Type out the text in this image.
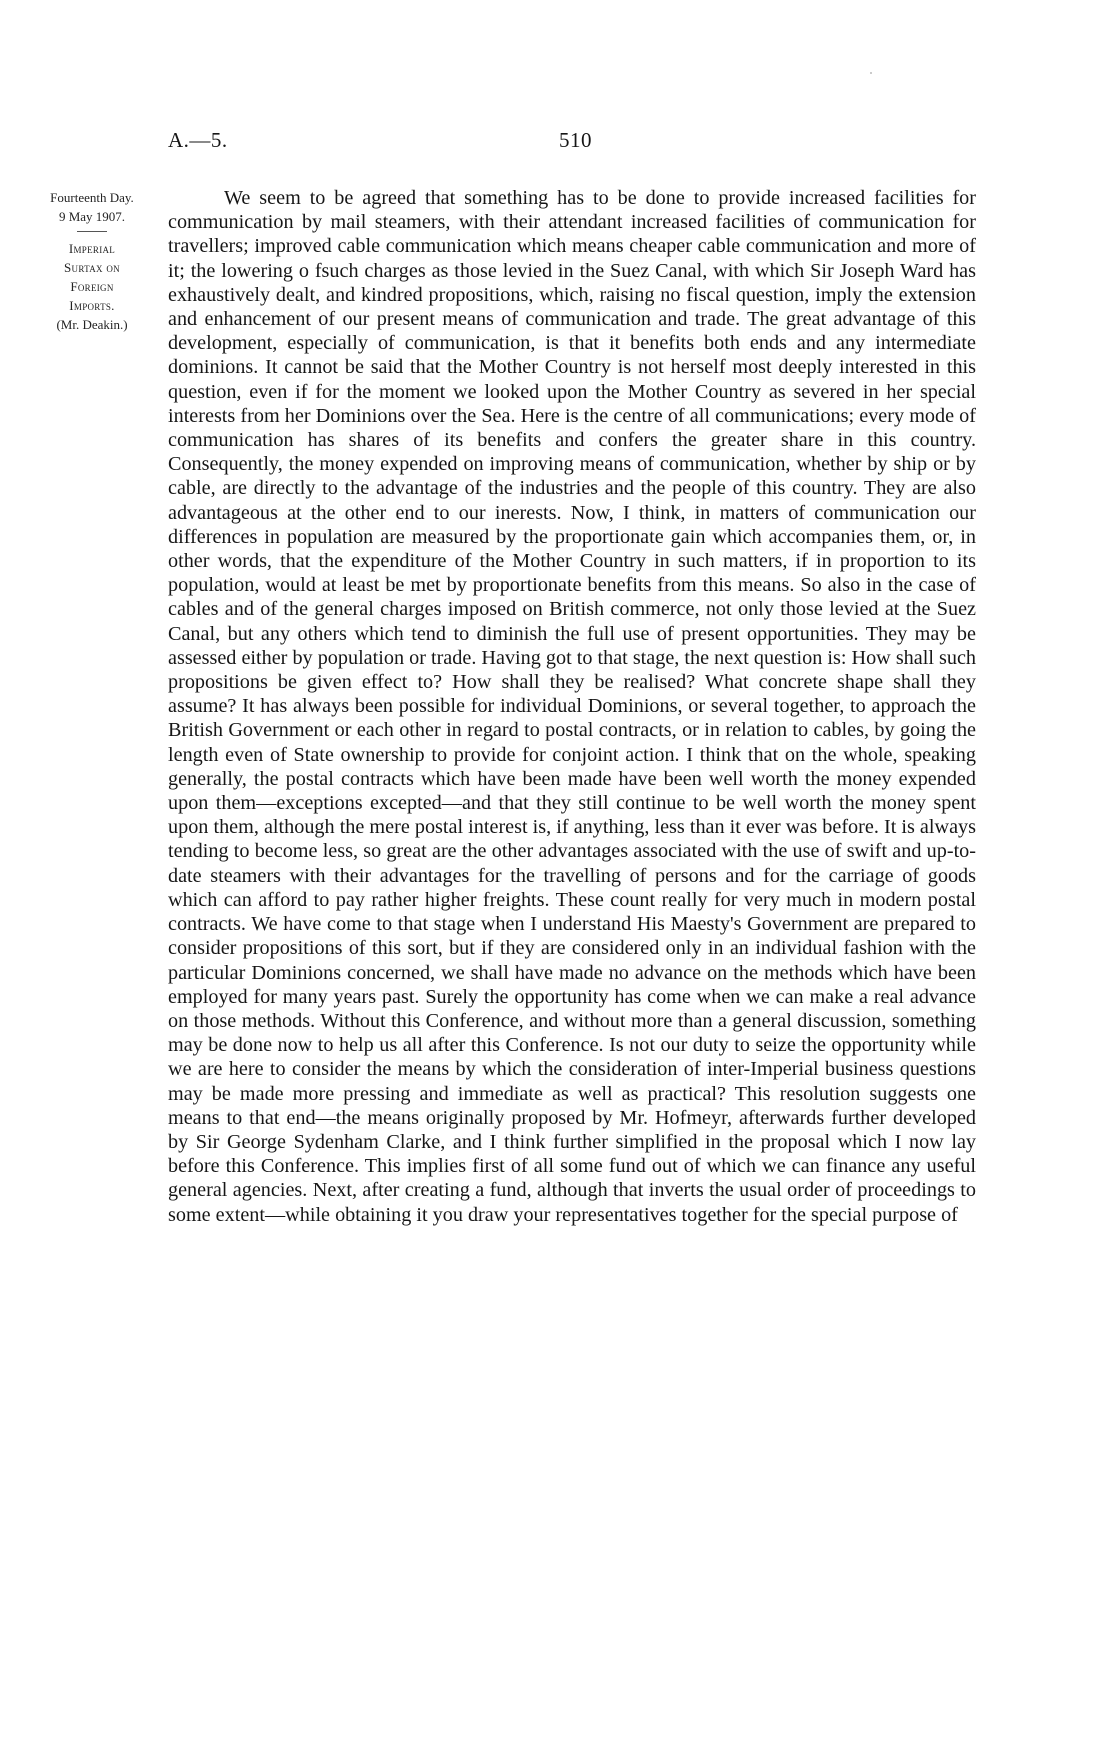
A.—5.	510
Fourteenth Day.
9 May 1907.
Imperial
Surtax on
Foreign
Imports.
(Mr. Deakin.)

We seem to be agreed that something has to be done to provide increased facilities for communication by mail steamers, with their attendant increased facilities of communication for travellers; improved cable communication which means cheaper cable communication and more of it; the lowering o fsuch charges as those levied in the Suez Canal, with which Sir Joseph Ward has exhaustively dealt, and kindred propositions, which, raising no fiscal question, imply the extension and enhancement of our present means of communication and trade. The great advantage of this development, especially of communication, is that it benefits both ends and any intermediate dominions. It cannot be said that the Mother Country is not herself most deeply interested in this question, even if for the moment we looked upon the Mother Country as severed in her special interests from her Dominions over the Sea. Here is the centre of all communications; every mode of communication has shares of its benefits and confers the greater share in this country. Consequently, the money expended on improving means of communication, whether by ship or by cable, are directly to the advantage of the industries and the people of this country. They are also advantageous at the other end to our inerests. Now, I think, in matters of communication our differences in population are measured by the proportionate gain which accompanies them, or, in other words, that the expenditure of the Mother Country in such matters, if in proportion to its population, would at least be met by proportionate benefits from this means. So also in the case of cables and of the general charges imposed on British commerce, not only those levied at the Suez Canal, but any others which tend to diminish the full use of present opportunities. They may be assessed either by population or trade. Having got to that stage, the next question is: How shall such propositions be given effect to? How shall they be realised? What concrete shape shall they assume? It has always been possible for individual Dominions, or several together, to approach the British Government or each other in regard to postal contracts, or in relation to cables, by going the length even of State ownership to provide for conjoint action. I think that on the whole, speaking generally, the postal contracts which have been made have been well worth the money expended upon them—exceptions excepted—and that they still continue to be well worth the money spent upon them, although the mere postal interest is, if anything, less than it ever was before. It is always tending to become less, so great are the other advantages associated with the use of swift and up-to-date steamers with their advantages for the travelling of persons and for the carriage of goods which can afford to pay rather higher freights. These count really for very much in modern postal contracts. We have come to that stage when I understand His Maesty's Government are prepared to consider propositions of this sort, but if they are considered only in an individual fashion with the particular Dominions concerned, we shall have made no advance on the methods which have been employed for many years past. Surely the opportunity has come when we can make a real advance on those methods. Without this Conference, and without more than a general discussion, something may be done now to help us all after this Conference. Is not our duty to seize the opportunity while we are here to consider the means by which the consideration of inter-Imperial business questions may be made more pressing and immediate as well as practical? This resolution suggests one means to that end—the means originally proposed by Mr. Hofmeyr, afterwards further developed by Sir George Sydenham Clarke, and I think further simplified in the proposal which I now lay before this Conference. This implies first of all some fund out of which we can finance any useful general agencies. Next, after creating a fund, although that inverts the usual order of proceedings to some extent—while obtaining it you draw your representatives together for the special purpose of
